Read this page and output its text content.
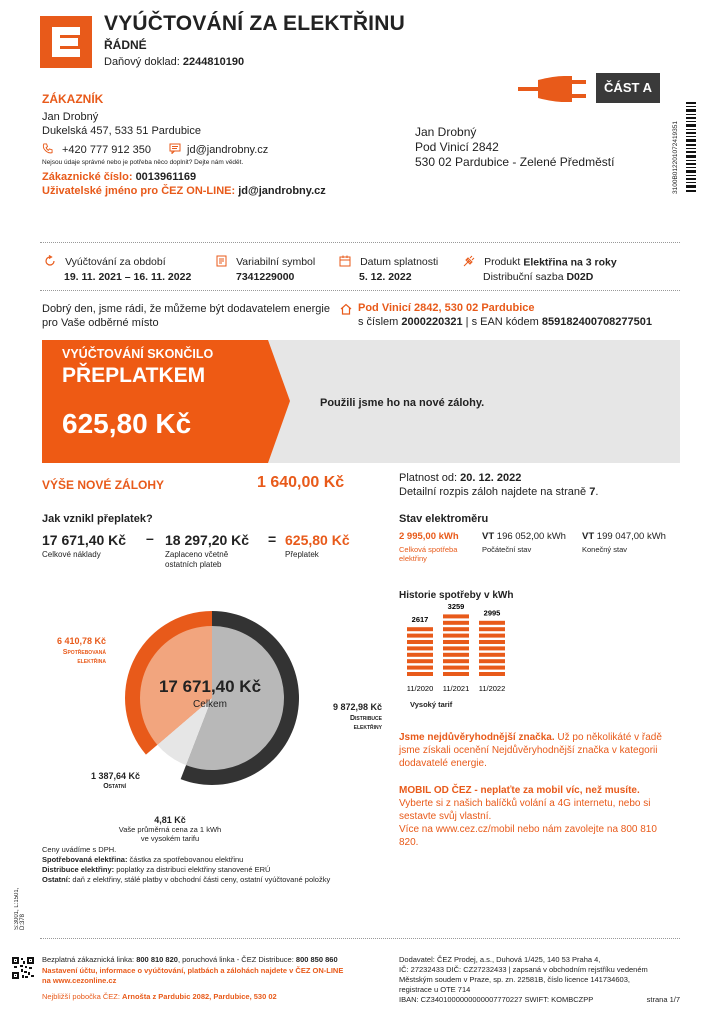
VYÚČTOVÁNÍ ZA ELEKTŘINU
ŘÁDNÉ
Daňový doklad: 2244810190
ČÁST A
3100B012201072419351
ZÁKAZNÍK
Jan Drobný
Dukelská 457, 533 51 Pardubice
+420 777 912 350	jd@jandrobny.cz
Nejsou údaje správné nebo je potřeba něco doplnit? Dejte nám vědět.
Zákaznické číslo: 0013961169
Uživatelské jméno pro ČEZ ON-LINE: jd@jandrobny.cz
Jan Drobný
Pod Vinicí 2842
530 02 Pardubice - Zelené Předměstí
Vyúčtování za období
19. 11. 2021 – 16. 11. 2022
Variabilní symbol
7341229000
Datum splatnosti
5. 12. 2022
Produkt Elektřina na 3 roky
Distribuční sazba D02D
Dobrý den, jsme rádi, že můžeme být dodavatelem energie
pro Vaše odběrné místo
Pod Vinicí 2842, 530 02 Pardubice
s číslem 2000220321 | s EAN kódem 859182400708277501
VYÚČTOVÁNÍ SKONČILO
PŘEPLATKEM
625,80 Kč
Použili jsme ho na nové zálohy.
VÝŠE NOVÉ ZÁLOHY	1 640,00 Kč	Platnost od: 20. 12. 2022
Detailní rozpis záloh najdete na straně 7.
Jak vznikl přeplatek?
17 671,40 Kč
Celkové náklady
– 18 297,20 Kč
Zaplaceno včetně
ostatních plateb
= 625,80 Kč
Přeplatek
Stav elektroměru
2 995,00 kWh
Celková spotřeba
elektřiny
VT 196 052,00 kWh
Počáteční stav
VT 199 047,00 kWh
Konečný stav
17 671,40 Kč
Celkem
6 410,78 Kč
Spotřebovaná
elektřina
9 872,98 Kč
Distribuce
elektřiny
1 387,64 Kč
Ostatní
4,81 Kč
Vaše průměrná cena za 1 kWh
ve vysokém tarifu
Ceny uvádíme s DPH.
Spotřebovaná elektřina: částka za spotřebovanou elektřinu
Distribuce elektřiny: poplatky za distribuci elektřiny stanovené ERÚ
Ostatní: daň z elektřiny, stálé platby v obchodní části ceny, ostatní vyúčtované položky
Historie spotřeby v kWh
2617
11/2020
3259
11/2021
2995
11/2022
Vysoký tarif
Jsme nejdůvěryhodnější značka. Už po několikáté v řadě jsme získali ocenění Nejdůvěryhodnější značka v kategorii dodavatelé energie.
MOBIL OD ČEZ - neplaťte za mobil víc, než musíte.
Vyberte si z našich balíčků volání a 4G internetu, nebo si sestavte svůj vlastní.
Více na www.cez.cz/mobil nebo nám zavolejte na 800 810 820.
S:3001, L:1501, D:378
Bezplatná zákaznická linka: 800 810 820, poruchová linka - ČEZ Distribuce: 800 850 860
Nastavení účtu, informace o vyúčtování, platbách a zálohách najdete v ČEZ ON-LINE
na www.cezonline.cz
Nejbližší pobočka ČEZ: Arnošta z Pardubic 2082, Pardubice, 530 02
Dodavatel: ČEZ Prodej, a.s., Duhová 1/425, 140 53 Praha 4,
IČ: 27232433 DIČ: CZ27232433 | zapsaná v obchodním rejstříku vedeném
Městským soudem v Praze, sp. zn. 22581B, číslo licence 141734603,
registrace u OTE 714
IBAN: CZ3401000000000007770227 SWIFT: KOMBCZPP	strana 1/7
